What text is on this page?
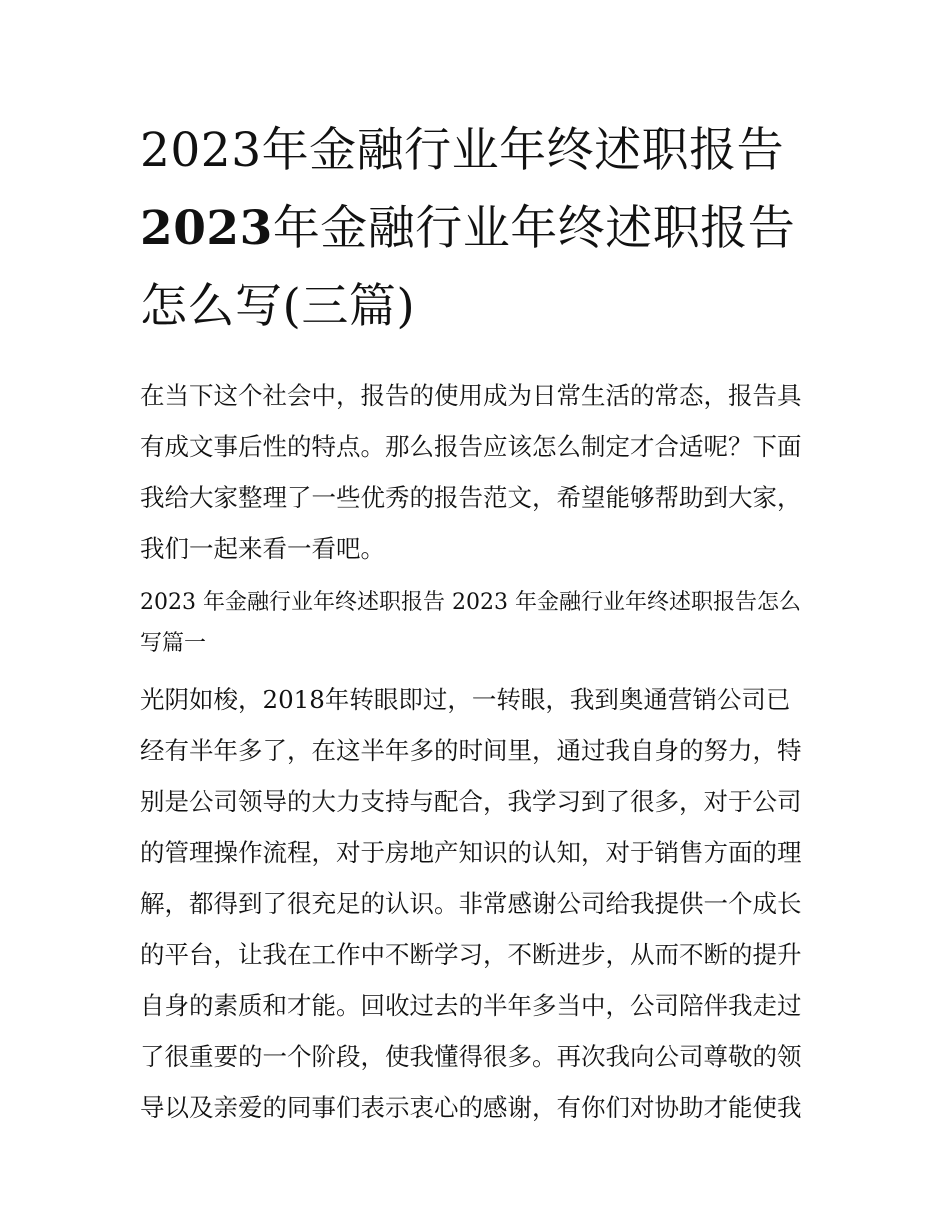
2023年金融行业年终述职报告
2023年金融行业年终述职报告怎么写(三篇)

在当下这个社会中，报告的使用成为日常生活的常态，报告具有成文事后性的特点。那么报告应该怎么制定才合适呢？下面我给大家整理了一些优秀的报告范文，希望能够帮助到大家，我们一起来看一看吧。

2023 年金融行业年终述职报告 2023 年金融行业年终述职报告怎么写篇一

光阴如梭，2018年转眼即过，一转眼，我到奥通营销公司已经有半年多了，在这半年多的时间里，通过我自身的努力，特别是公司领导的大力支持与配合，我学习到了很多，对于公司的管理操作流程，对于房地产知识的认知，对于销售方面的理解，都得到了很充足的认识。非常感谢公司给我提供一个成长的平台，让我在工作中不断学习，不断进步，从而不断的提升自身的素质和才能。回收过去的半年多当中，公司陪伴我走过了很重要的一个阶段，使我懂得很多。再次我向公司尊敬的领导以及亲爱的同事们表示衷心的感谢，有你们对协助才能使我
